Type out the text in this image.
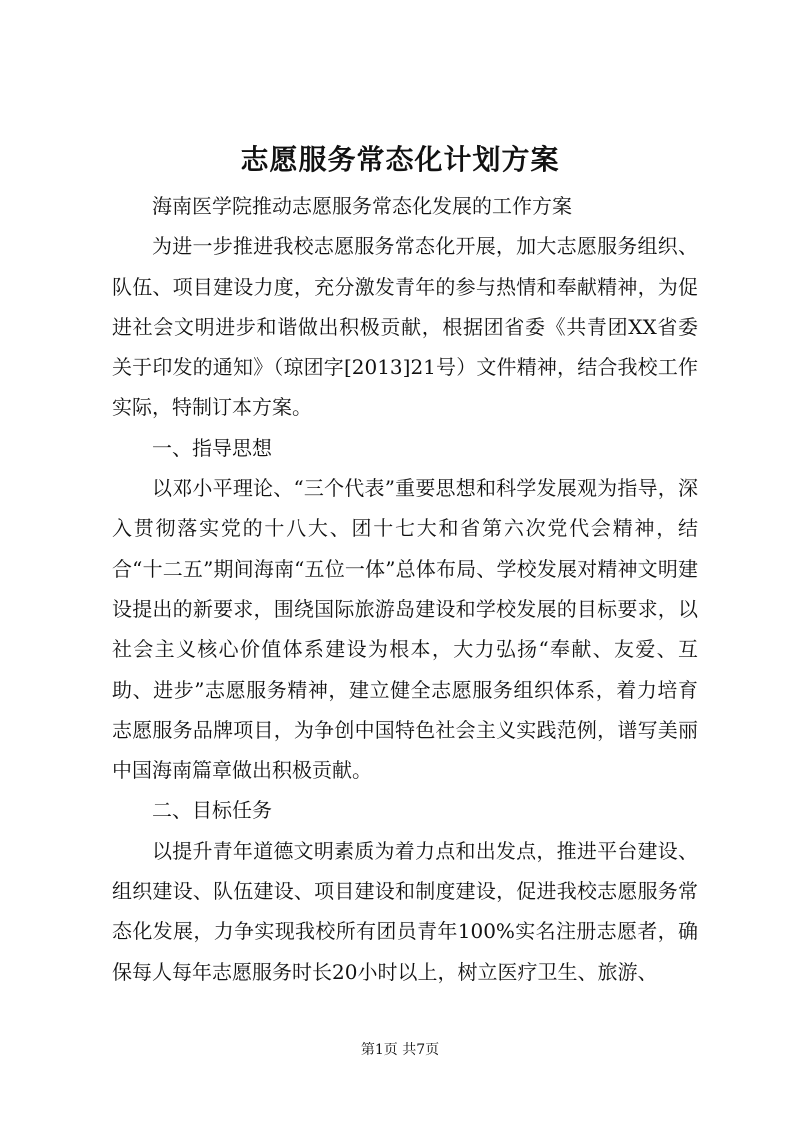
志愿服务常态化计划方案

海南医学院推动志愿服务常态化发展的工作方案

为进一步推进我校志愿服务常态化开展，加大志愿服务组织、队伍、项目建设力度，充分激发青年的参与热情和奉献精神，为促进社会文明进步和谐做出积极贡献，根据团省委《共青团XX省委关于印发的通知》（琼团字[2013]21号）文件精神，结合我校工作实际，特制订本方案。

一、指导思想

以邓小平理论、“三个代表”重要思想和科学发展观为指导，深入贯彻落实党的十八大、团十七大和省第六次党代会精神，结合“十二五”期间海南“五位一体”总体布局、学校发展对精神文明建设提出的新要求，围绕国际旅游岛建设和学校发展的目标要求，以社会主义核心价值体系建设为根本，大力弘扬“奉献、友爱、互助、进步”志愿服务精神，建立健全志愿服务组织体系，着力培育志愿服务品牌项目，为争创中国特色社会主义实践范例，谱写美丽中国海南篇章做出积极贡献。

二、目标任务

以提升青年道德文明素质为着力点和出发点，推进平台建设、组织建设、队伍建设、项目建设和制度建设，促进我校志愿服务常态化发展，力争实现我校所有团员青年100%实名注册志愿者，确保每人每年志愿服务时长20小时以上，树立医疗卫生、旅游、

第1页 共7页
